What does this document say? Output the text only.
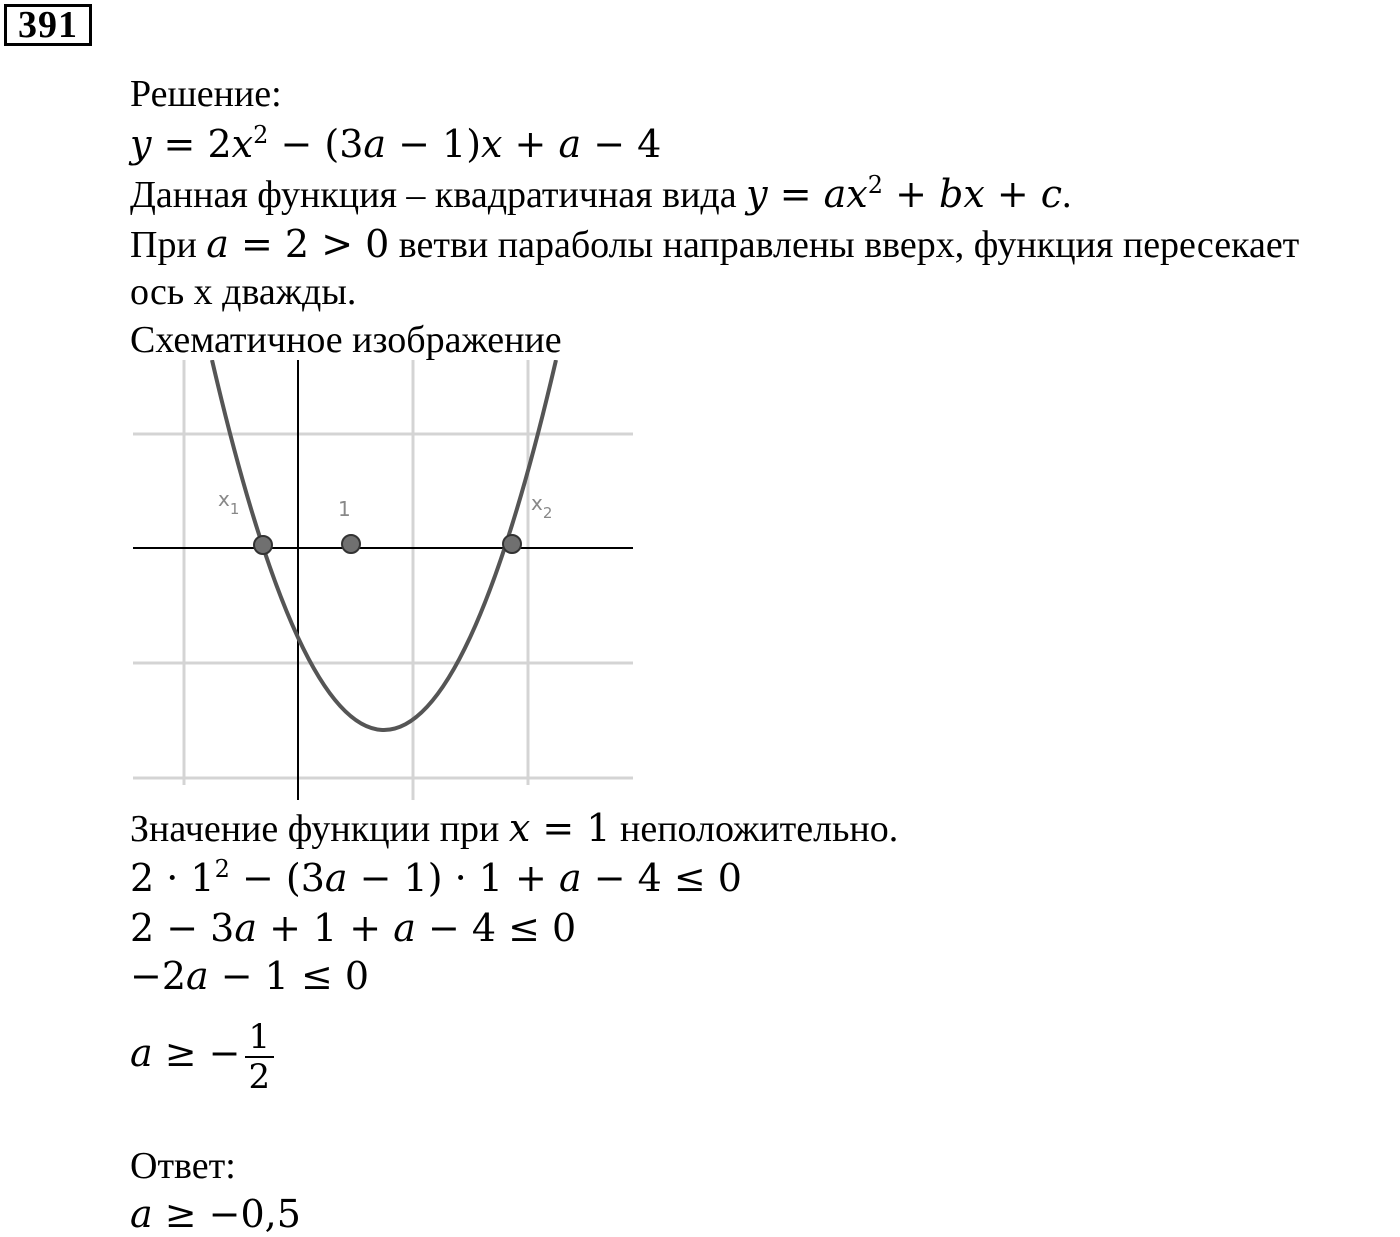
391
Решение:
$y = 2x^2 - (3a - 1)x + a - 4$
Данная функция – квадратичная вида $y = ax^2$ + bx + c.
При a = 2 > 0 ветви параболы направлены вверх, функция пересекает
ось х дважды.
Схематичное изображение
$x_1$	1	$x_2$
Значение функции при x = 1 неположительно.
$2 \cdot 1^2 - (3a - 1) \cdot 1 + a - 4 \le 0$
2 − 3a + 1 + a − 4 ≤ 0
−2a − 1 ≤ 0
a ≥ − $\frac{1}{2}$
Ответ:
a ≥ −0,5
